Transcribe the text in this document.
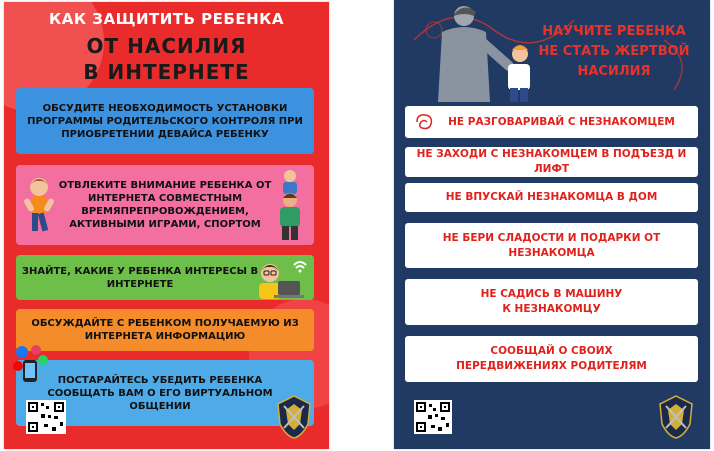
КАК ЗАЩИТИТЬ РЕБЕНКА
ОТ НАСИЛИЯ
В ИНТЕРНЕТЕ
ОБСУДИТЕ НЕОБХОДИМОСТЬ УСТАНОВКИ ПРОГРАММЫ РОДИТЕЛЬСКОГО КОНТРОЛЯ ПРИ ПРИОБРЕТЕНИИ ДЕВАЙСА РЕБЕНКУ
ОТВЛЕКИТЕ ВНИМАНИЕ РЕБЕНКА ОТ ИНТЕРНЕТА СОВМЕСТНЫМ ВРЕМЯПРЕПРОВОЖДЕНИЕМ, АКТИВНЫМИ ИГРАМИ, СПОРТОМ
ЗНАЙТЕ, КАКИЕ У РЕБЕНКА ИНТЕРЕСЫ В ИНТЕРНЕТЕ
ОБСУЖДАЙТЕ С РЕБЕНКОМ ПОЛУЧАЕМУЮ ИЗ ИНТЕРНЕТА ИНФОРМАЦИЮ
ПОСТАРАЙТЕСЬ УБЕДИТЬ РЕБЕНКА СООБЩАТЬ ВАМ О ЕГО ВИРТУАЛЬНОМ ОБЩЕНИИ
НАУЧИТЕ РЕБЕНКА
НЕ СТАТЬ ЖЕРТВОЙ
НАСИЛИЯ
НЕ РАЗГОВАРИВАЙ С НЕЗНАКОМЦЕМ
НЕ ЗАХОДИ С НЕЗНАКОМЦЕМ В ПОДЪЕЗД И ЛИФТ
НЕ ВПУСКАЙ НЕЗНАКОМЦА В ДОМ
НЕ БЕРИ СЛАДОСТИ И ПОДАРКИ ОТ НЕЗНАКОМЦА
НЕ САДИСЬ В МАШИНУ К НЕЗНАКОМЦУ
СООБЩАЙ О СВОИХ ПЕРЕДВИЖЕНИЯХ РОДИТЕЛЯМ
